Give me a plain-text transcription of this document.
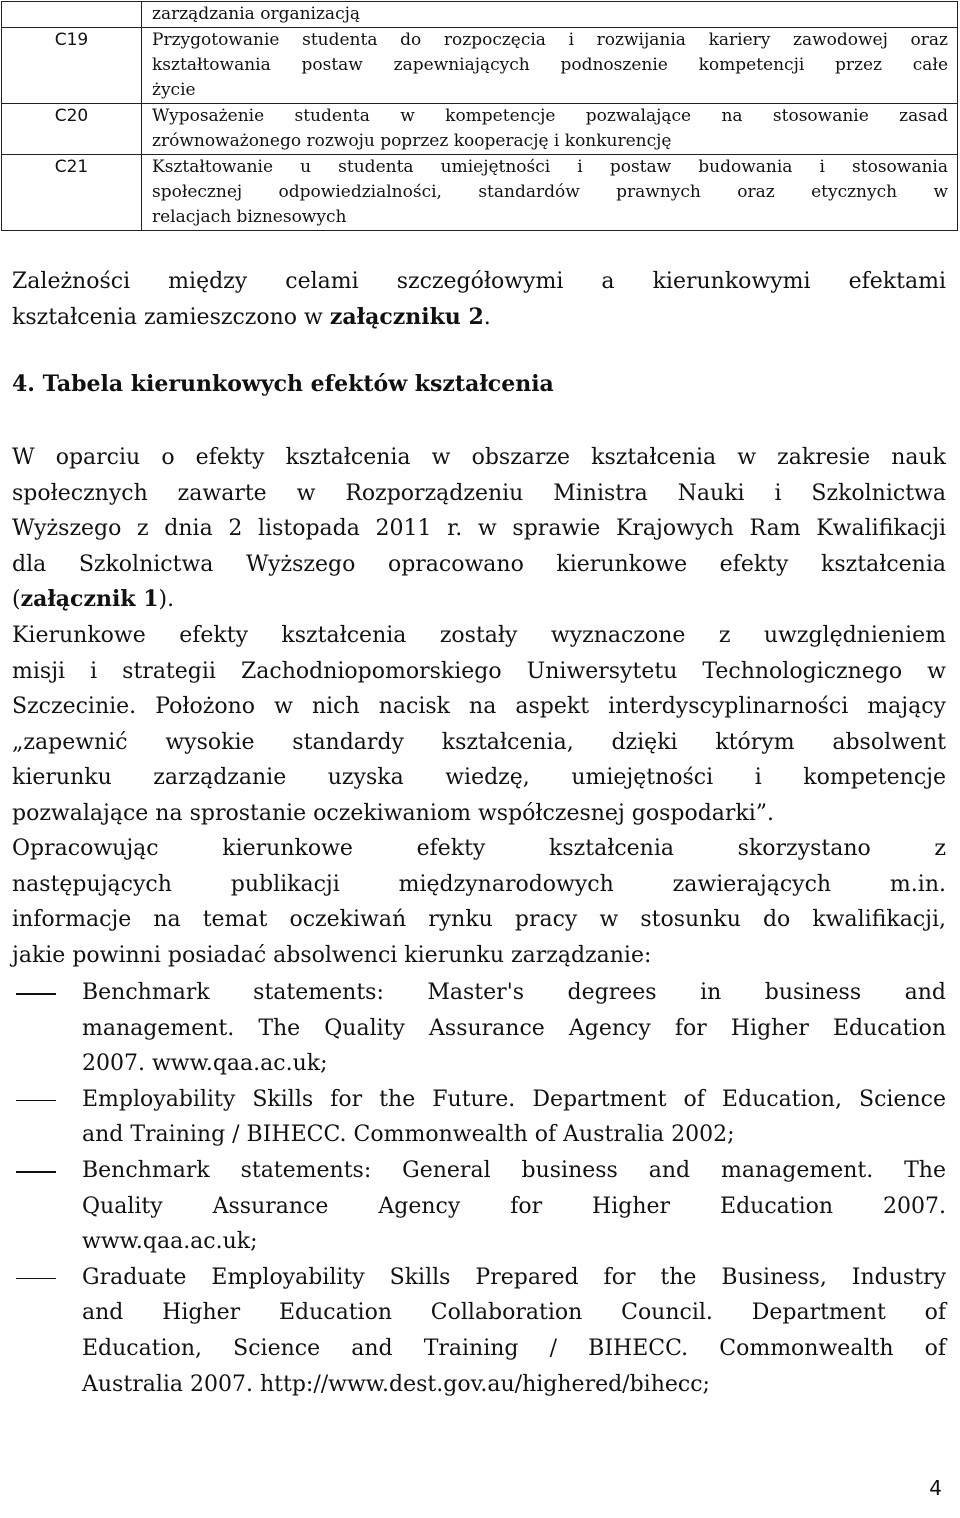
	zarządzania organizacją

C19	Przygotowanie studenta do rozpoczęcia i rozwijania kariery zawodowej oraz
kształtowania postaw zapewniających podnoszenie kompetencji przez całe
życie

C20	Wyposażenie studenta w kompetencje pozwalające na stosowanie zasad
zrównoważonego rozwoju poprzez kooperację i konkurencję

C21	Kształtowanie u studenta umiejętności i postaw budowania i stosowania
społecznej odpowiedzialności, standardów prawnych oraz etycznych w
relacjach biznesowych
Zależności między celami szczegółowymi a kierunkowymi efektami
kształcenia zamieszczono w załączniku 2.
4. Tabela kierunkowych efektów kształcenia
W oparciu o efekty kształcenia w obszarze kształcenia w zakresie nauk
społecznych zawarte w Rozporządzeniu Ministra Nauki i Szkolnictwa
Wyższego z dnia 2 listopada 2011 r. w sprawie Krajowych Ram Kwalifikacji
dla Szkolnictwa Wyższego opracowano kierunkowe efekty kształcenia
(załącznik 1).
Kierunkowe efekty kształcenia zostały wyznaczone z uwzględnieniem
misji i strategii Zachodniopomorskiego Uniwersytetu Technologicznego w
Szczecinie. Położono w nich nacisk na aspekt interdyscyplinarności mający
„zapewnić wysokie standardy kształcenia, dzięki którym absolwent
kierunku zarządzanie uzyska wiedzę, umiejętności i kompetencje
pozwalające na sprostanie oczekiwaniom współczesnej gospodarki”.
Opracowując kierunkowe efekty kształcenia skorzystano z
następujących publikacji międzynarodowych zawierających m.in.
informacje na temat oczekiwań rynku pracy w stosunku do kwalifikacji,
jakie powinni posiadać absolwenci kierunku zarządzanie:
Benchmark statements: Master's degrees in business and
management. The Quality Assurance Agency for Higher Education
2007. www.qaa.ac.uk;
Employability Skills for the Future. Department of Education, Science
and Training / BIHECC. Commonwealth of Australia 2002;
Benchmark statements: General business and management. The
Quality Assurance Agency for Higher Education 2007.
www.qaa.ac.uk;
Graduate Employability Skills Prepared for the Business, Industry
and Higher Education Collaboration Council. Department of
Education, Science and Training / BIHECC. Commonwealth of
Australia 2007. http://www.dest.gov.au/highered/bihecc;
4
